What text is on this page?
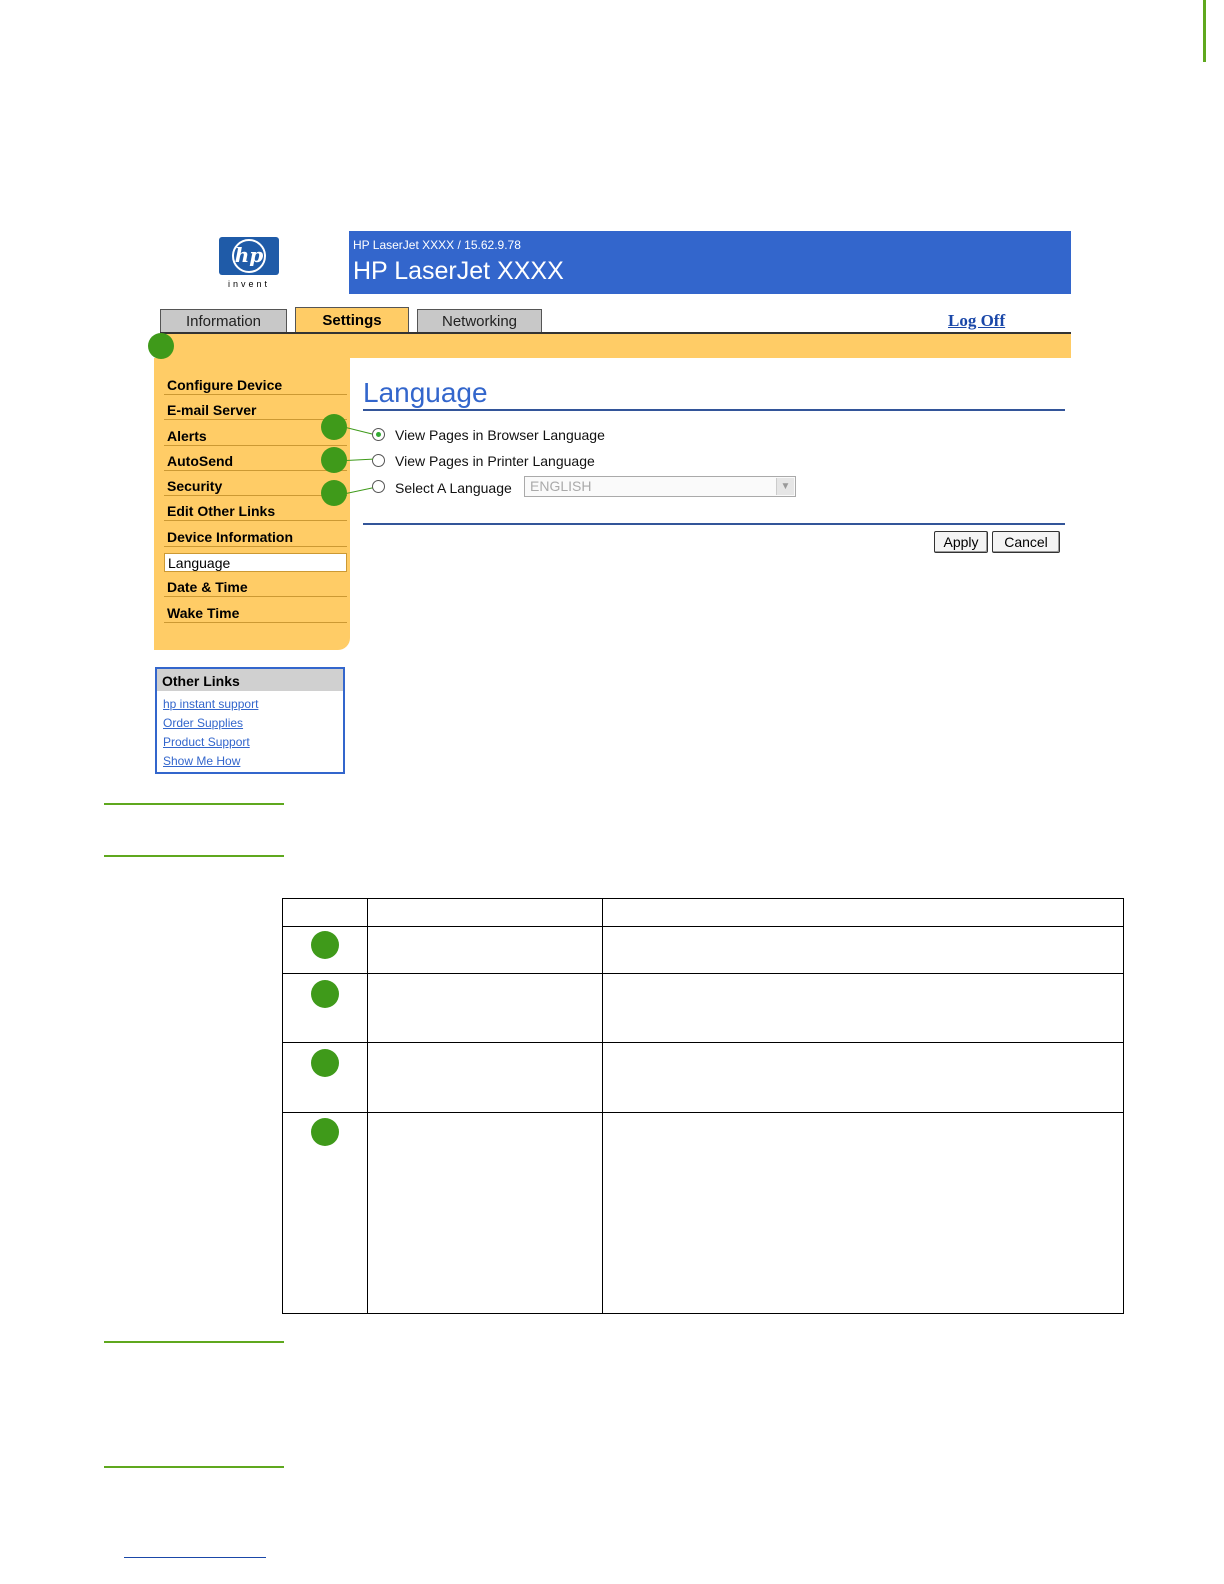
hp
invent
HP LaserJet XXXX / 15.62.9.78
HP LaserJet XXXX
Information	Settings	Networking	Log Off
Configure Device
E-mail Server
Alerts
AutoSend
Security
Edit Other Links
Device Information
Language
Date & Time
Wake Time
Other Links
hp instant support
Order Supplies
Product Support
Show Me How
Language
View Pages in Browser Language
View Pages in Printer Language
Select A Language	ENGLISH	▼
Apply	Cancel
